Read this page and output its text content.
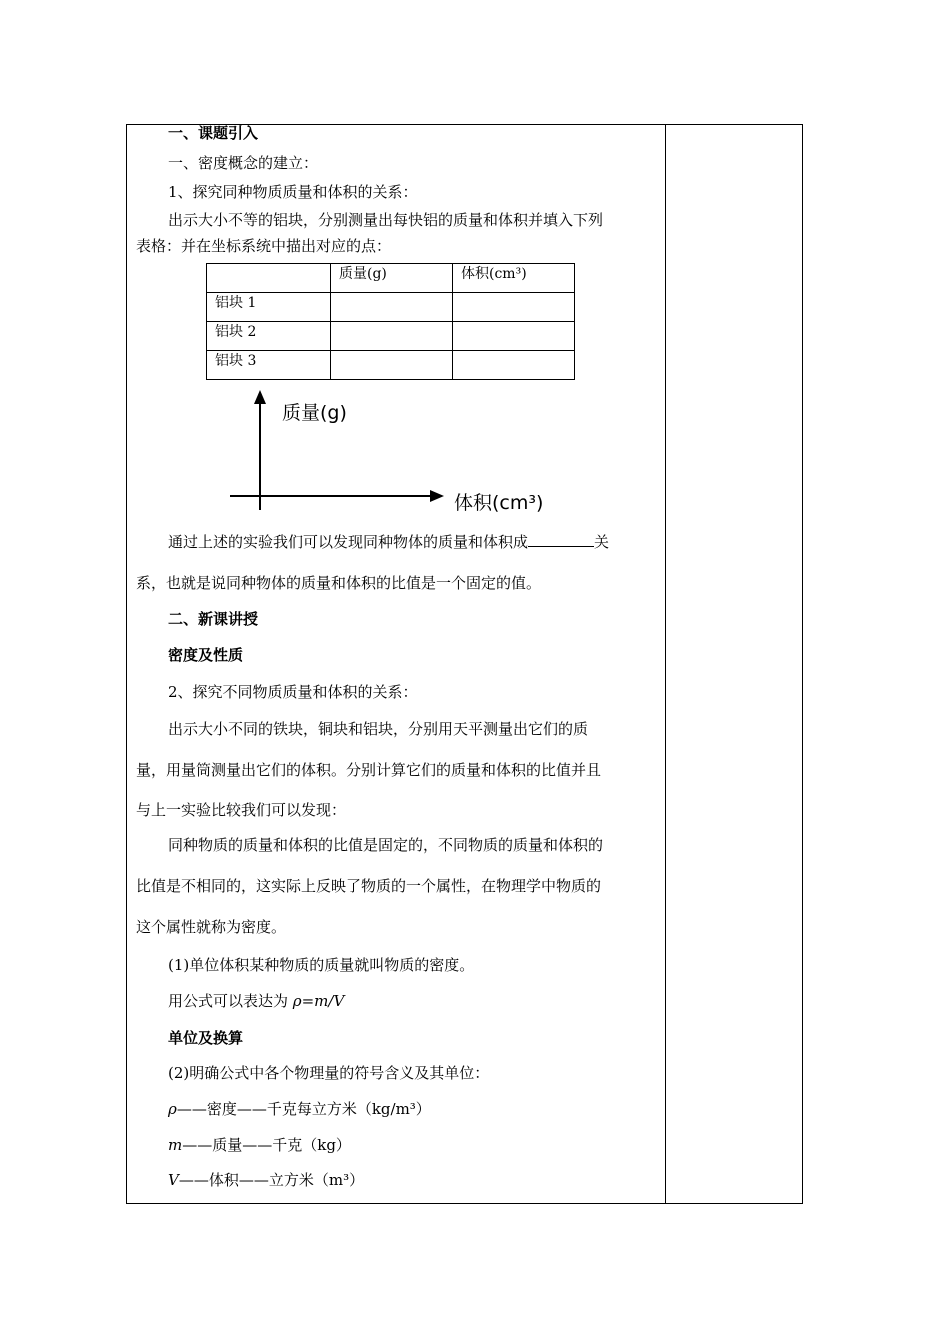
一、课题引入
一、密度概念的建立：
1、探究同种物质质量和体积的关系：
出示大小不等的铝块，分别测量出每快铝的质量和体积并填入下列
表格：并在坐标系统中描出对应的点：
	质量(g)	体积(cm³)
铝块 1		
铝块 2		
铝块 3		
质量(g)
体积(cm³)
通过上述的实验我们可以发现同种物体的质量和体积成	关
系，也就是说同种物体的质量和体积的比值是一个固定的值。
二、新课讲授
密度及性质
2、探究不同物质质量和体积的关系：
出示大小不同的铁块，铜块和铝块，分别用天平测量出它们的质
量，用量筒测量出它们的体积。分别计算它们的质量和体积的比值并且
与上一实验比较我们可以发现：
同种物质的质量和体积的比值是固定的，不同物质的质量和体积的
比值是不相同的，这实际上反映了物质的一个属性，在物理学中物质的
这个属性就称为密度。
(1)单位体积某种物质的质量就叫物质的密度。
用公式可以表达为 ρ=m/V
单位及换算
(2)明确公式中各个物理量的符号含义及其单位：
ρ——密度——千克每立方米（kg/m³）
m——质量——千克（kg）
V——体积——立方米（m³）
